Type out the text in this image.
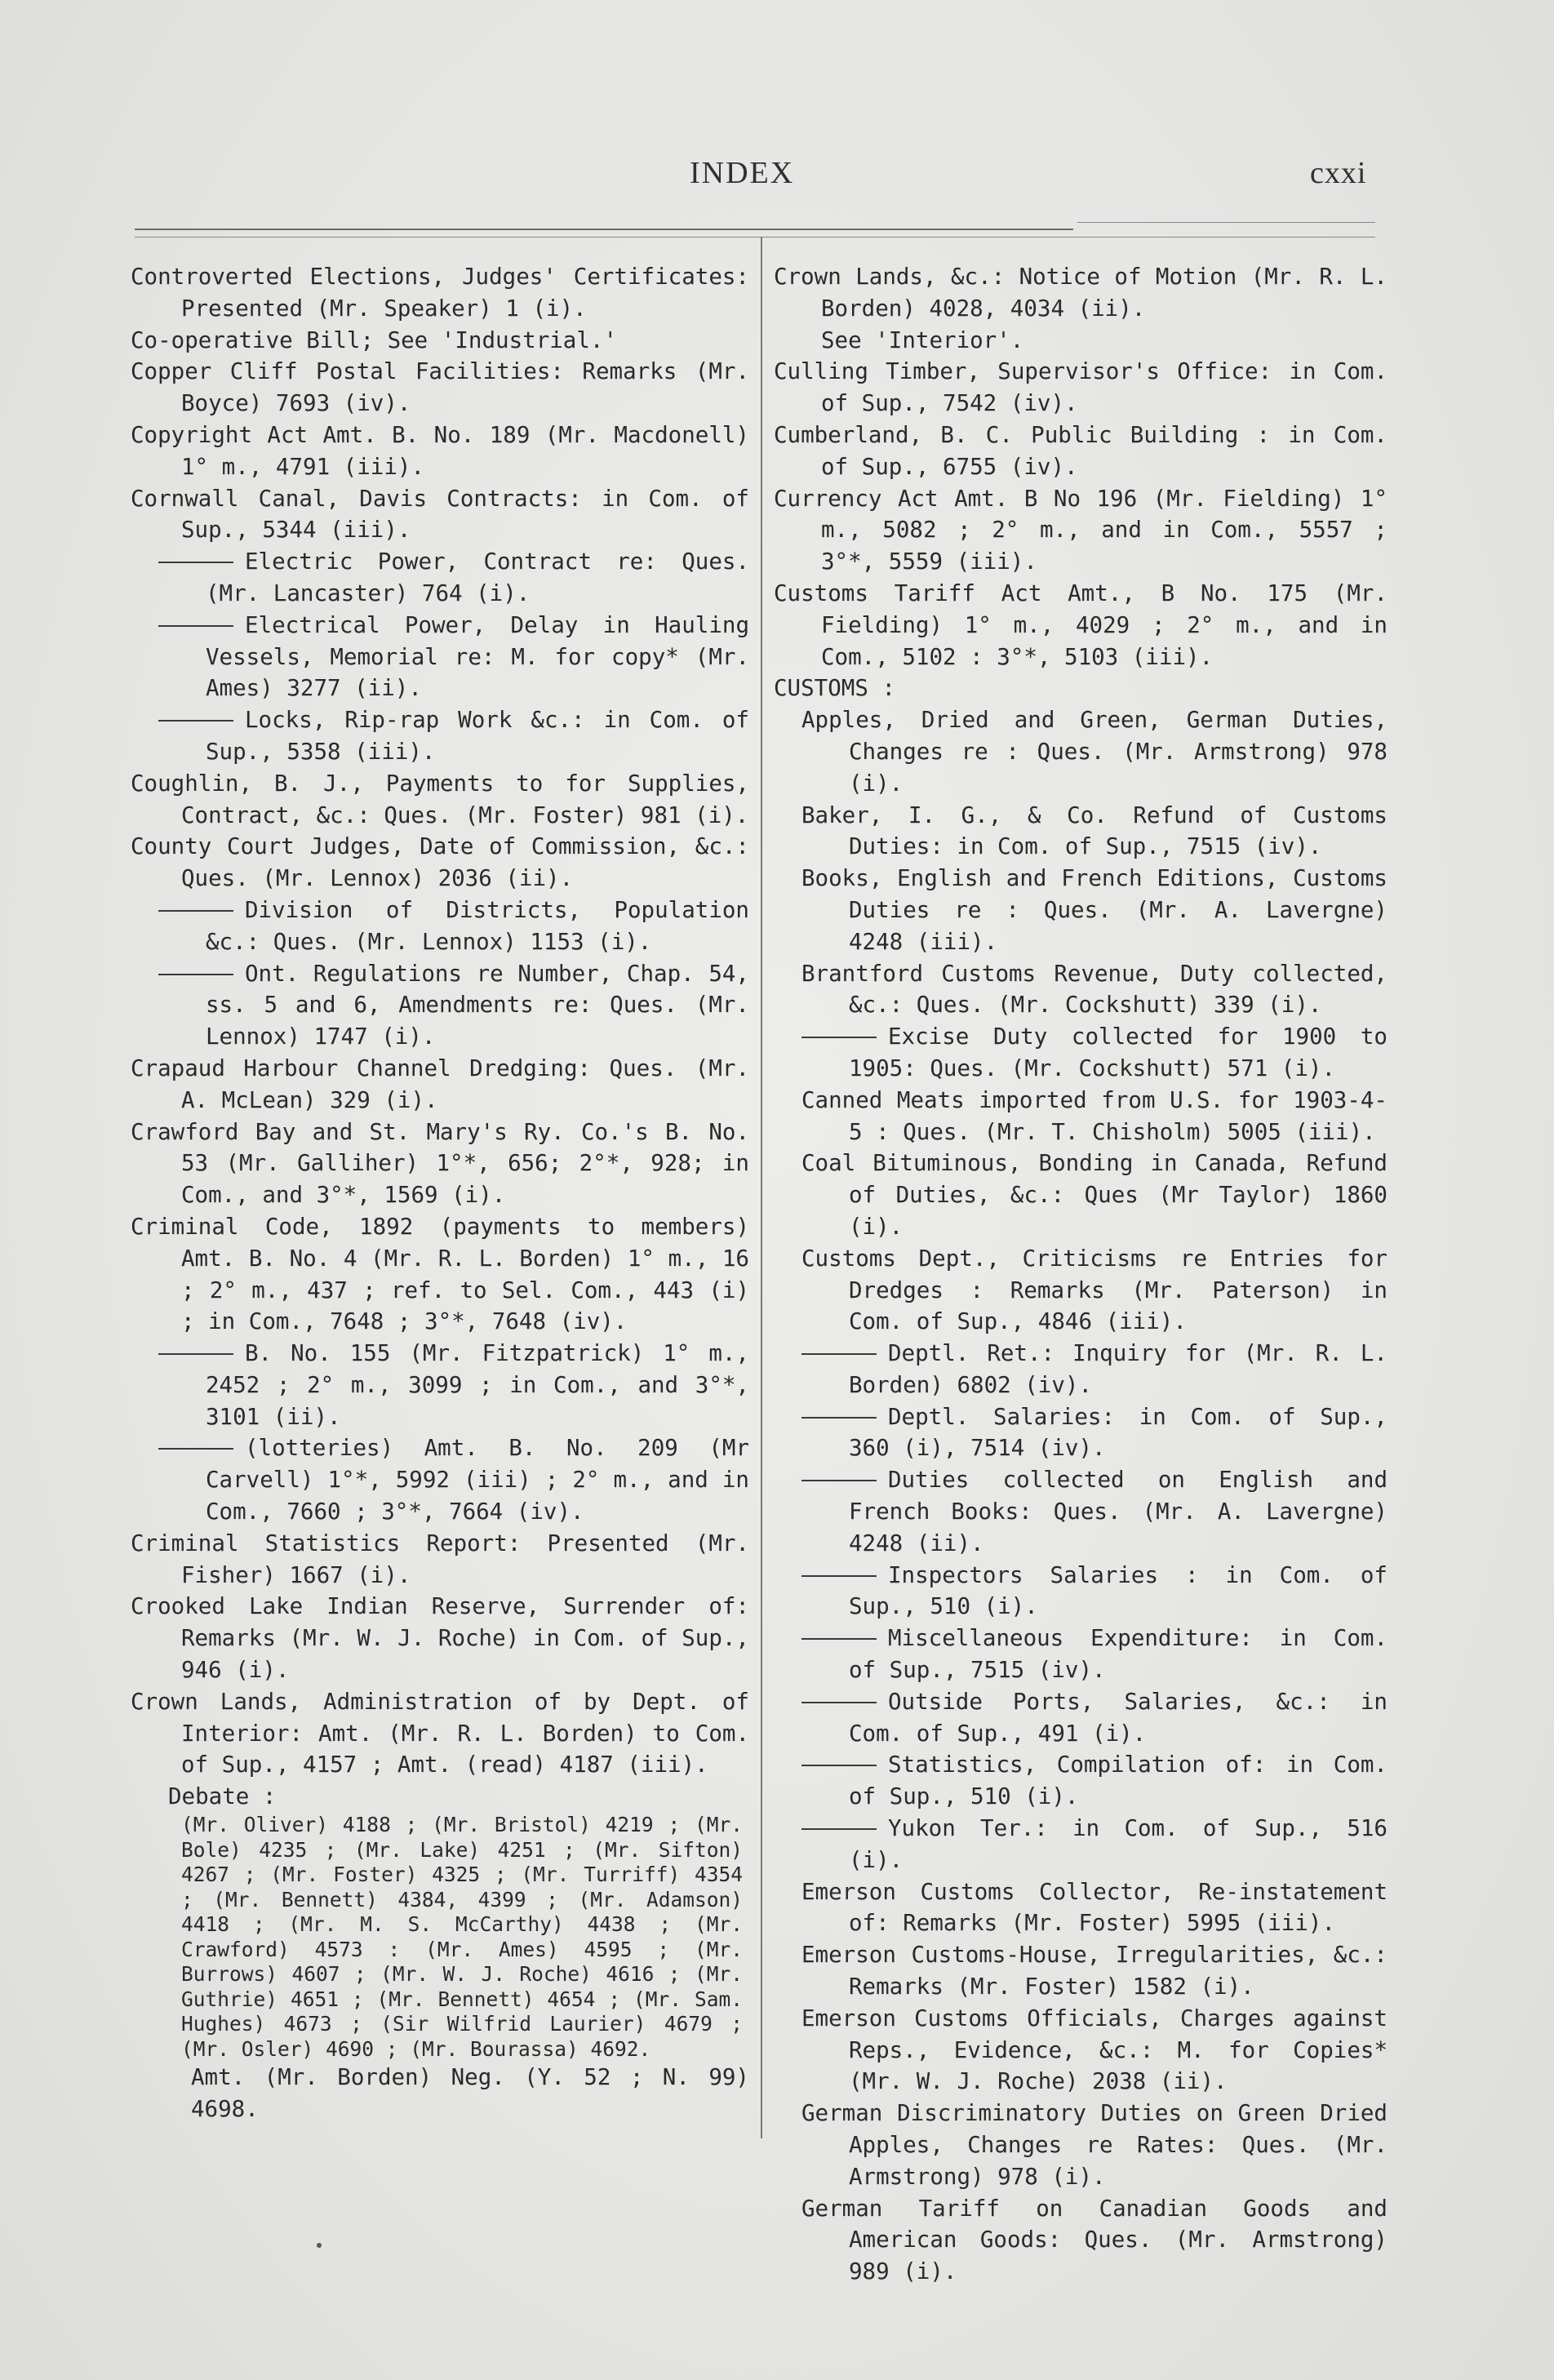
INDEX	cxxi
Controverted Elections, Judges' Certificates: Presented (Mr. Speaker) 1 (i).
Co-operative Bill; See 'Industrial.'
Copper Cliff Postal Facilities: Remarks (Mr. Boyce) 7693 (iv).
Copyright Act Amt. B. No. 189 (Mr. Macdonell) 1° m., 4791 (iii).
Cornwall Canal, Davis Contracts: in Com. of Sup., 5344 (iii).
Electric Power, Contract re: Ques. (Mr. Lancaster) 764 (i).
Electrical Power, Delay in Hauling Vessels, Memorial re: M. for copy* (Mr. Ames) 3277 (ii).
Locks, Rip-rap Work &c.: in Com. of Sup., 5358 (iii).
Coughlin, B. J., Payments to for Supplies, Contract, &c.: Ques. (Mr. Foster) 981 (i).
County Court Judges, Date of Commission, &c.: Ques. (Mr. Lennox) 2036 (ii).
Division of Districts, Population &c.: Ques. (Mr. Lennox) 1153 (i).
Ont. Regulations re Number, Chap. 54, ss. 5 and 6, Amendments re: Ques. (Mr. Lennox) 1747 (i).
Crapaud Harbour Channel Dredging: Ques. (Mr. A. McLean) 329 (i).
Crawford Bay and St. Mary's Ry. Co.'s B. No. 53 (Mr. Galliher) 1°*, 656; 2°*, 928; in Com., and 3°*, 1569 (i).
Criminal Code, 1892 (payments to members) Amt. B. No. 4 (Mr. R. L. Borden) 1° m., 16 ; 2° m., 437 ; ref. to Sel. Com., 443 (i) ; in Com., 7648 ; 3°*, 7648 (iv).
B. No. 155 (Mr. Fitzpatrick) 1° m., 2452 ; 2° m., 3099 ; in Com., and 3°*, 3101 (ii).
(lotteries) Amt. B. No. 209 (Mr Carvell) 1°*, 5992 (iii) ; 2° m., and in Com., 7660 ; 3°*, 7664 (iv).
Criminal Statistics Report: Presented (Mr. Fisher) 1667 (i).
Crooked Lake Indian Reserve, Surrender of: Remarks (Mr. W. J. Roche) in Com. of Sup., 946 (i).
Crown Lands, Administration of by Dept. of Interior: Amt. (Mr. R. L. Borden) to Com. of Sup., 4157 ; Amt. (read) 4187 (iii).
Debate :
(Mr. Oliver) 4188 ; (Mr. Bristol) 4219 ; (Mr. Bole) 4235 ; (Mr. Lake) 4251 ; (Mr. Sifton) 4267 ; (Mr. Foster) 4325 ; (Mr. Turriff) 4354 ; (Mr. Bennett) 4384, 4399 ; (Mr. Adamson) 4418 ; (Mr. M. S. McCarthy) 4438 ; (Mr. Crawford) 4573 : (Mr. Ames) 4595 ; (Mr. Burrows) 4607 ; (Mr. W. J. Roche) 4616 ; (Mr. Guthrie) 4651 ; (Mr. Bennett) 4654 ; (Mr. Sam. Hughes) 4673 ; (Sir Wilfrid Laurier) 4679 ; (Mr. Osler) 4690 ; (Mr. Bourassa) 4692.
Amt. (Mr. Borden) Neg. (Y. 52 ; N. 99) 4698.
Crown Lands, &c.: Notice of Motion (Mr. R. L. Borden) 4028, 4034 (ii).
See 'Interior'.
Culling Timber, Supervisor's Office: in Com. of Sup., 7542 (iv).
Cumberland, B. C. Public Building : in Com. of Sup., 6755 (iv).
Currency Act Amt. B No 196 (Mr. Fielding) 1° m., 5082 ; 2° m., and in Com., 5557 ; 3°*, 5559 (iii).
Customs Tariff Act Amt., B No. 175 (Mr. Fielding) 1° m., 4029 ; 2° m., and in Com., 5102 : 3°*, 5103 (iii).
CUSTOMS :
Apples, Dried and Green, German Duties, Changes re : Ques. (Mr. Armstrong) 978 (i).
Baker, I. G., & Co. Refund of Customs Duties: in Com. of Sup., 7515 (iv).
Books, English and French Editions, Customs Duties re : Ques. (Mr. A. Lavergne) 4248 (iii).
Brantford Customs Revenue, Duty collected, &c.: Ques. (Mr. Cockshutt) 339 (i).
Excise Duty collected for 1900 to 1905: Ques. (Mr. Cockshutt) 571 (i).
Canned Meats imported from U.S. for 1903-4-5 : Ques. (Mr. T. Chisholm) 5005 (iii).
Coal Bituminous, Bonding in Canada, Refund of Duties, &c.: Ques (Mr Taylor) 1860 (i).
Customs Dept., Criticisms re Entries for Dredges : Remarks (Mr. Paterson) in Com. of Sup., 4846 (iii).
Deptl. Ret.: Inquiry for (Mr. R. L. Borden) 6802 (iv).
Deptl. Salaries: in Com. of Sup., 360 (i), 7514 (iv).
Duties collected on English and French Books: Ques. (Mr. A. Lavergne) 4248 (ii).
Inspectors Salaries : in Com. of Sup., 510 (i).
Miscellaneous Expenditure: in Com. of Sup., 7515 (iv).
Outside Ports, Salaries, &c.: in Com. of Sup., 491 (i).
Statistics, Compilation of: in Com. of Sup., 510 (i).
Yukon Ter.: in Com. of Sup., 516 (i).
Emerson Customs Collector, Re-instatement of: Remarks (Mr. Foster) 5995 (iii).
Emerson Customs-House, Irregularities, &c.: Remarks (Mr. Foster) 1582 (i).
Emerson Customs Officials, Charges against Reps., Evidence, &c.: M. for Copies* (Mr. W. J. Roche) 2038 (ii).
German Discriminatory Duties on Green Dried Apples, Changes re Rates: Ques. (Mr. Armstrong) 978 (i).
German Tariff on Canadian Goods and American Goods: Ques. (Mr. Armstrong) 989 (i).
